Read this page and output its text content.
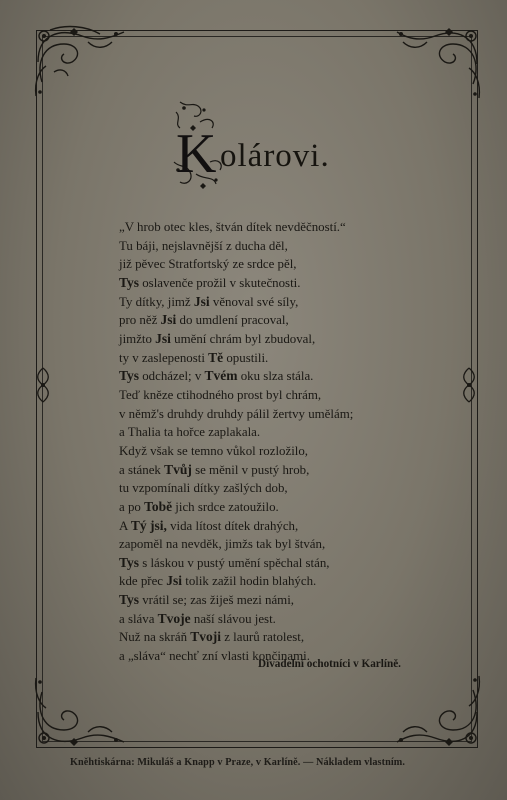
K olárovi.
„V hrob otec kles, štván dítek nevděčností.“
Tu báji, nejslavnější z ducha děl,
již pěvec Stratfortský ze srdce pěl,
Tys oslavenče prožil v skutečnosti.
Ty dítky, jimž Jsi věnoval své síly,
pro něž Jsi do umdlení pracoval,
jimžto Jsi umění chrám byl zbudoval,
ty v zaslepenosti Tě opustili.
Tys odcházel; v Tvém oku slza stála.
Teď kněze ctihodného prost byl chrám,
v němž's druhdy druhdy pálil žertvy umělám;
a Thalia ta hořce zaplakala.
Když však se temno vůkol rozložilo,
a stánek Tvůj se měnil v pustý hrob,
tu vzpomínali dítky zašlých dob,
a po Tobě jich srdce zatoužilo.
A Tý jsi, vida lítost dítek drahých,
zapoměl na nevděk, jimžs tak byl štván,
Tys s láskou v pustý umění spěchal stán,
kde přec Jsi tolik zažil hodin blahých.
Tys vrátil se; zas žiješ mezi námi,
a sláva Tvoje naší slávou jest.
Nuž na skráň Tvoji z laurů ratolest,
a „sláva“ nechť zní vlasti končinami.
Divadelní ochotníci v Karlíně.
Kněhtiskárna: Mikuláš a Knapp v Praze, v Karlíně. — Nákladem vlastním.
